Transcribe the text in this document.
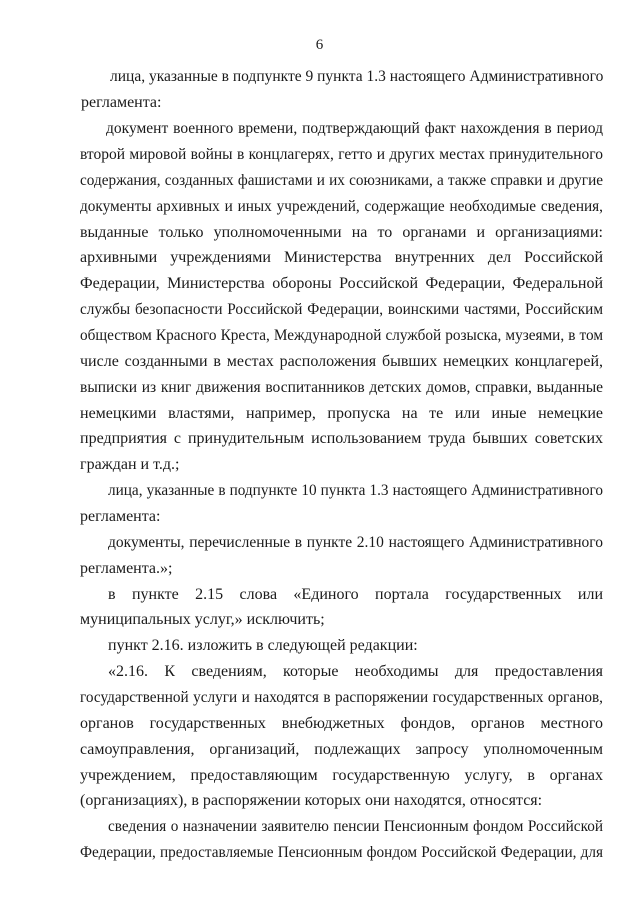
6
лица, указанные в подпункте 9 пункта 1.3 настоящего Административного
регламента:
документ военного времени, подтверждающий факт нахождения в период
второй мировой войны в концлагерях, гетто и других местах принудительного
содержания, созданных фашистами и их союзниками, а также справки и другие
документы архивных и иных учреждений, содержащие необходимые сведения,
выданные только уполномоченными на то органами и организациями:
архивными учреждениями Министерства внутренних дел Российской
Федерации, Министерства обороны Российской Федерации, Федеральной
службы безопасности Российской Федерации, воинскими частями, Российским
обществом Красного Креста, Международной службой розыска, музеями, в том
числе созданными в местах расположения бывших немецких концлагерей,
выписки из книг движения воспитанников детских домов, справки, выданные
немецкими властями, например, пропуска на те или иные немецкие
предприятия с принудительным использованием труда бывших советских
граждан и т.д.;
лица, указанные в подпункте 10 пункта 1.3 настоящего Административного
регламента:
документы, перечисленные в пункте 2.10 настоящего Административного
регламента.»;
в пункте 2.15 слова «Единого портала государственных или
муниципальных услуг,» исключить;
пункт 2.16. изложить в следующей редакции:
«2.16. К сведениям, которые необходимы для предоставления
государственной услуги и находятся в распоряжении государственных органов,
органов государственных внебюджетных фондов, органов местного
самоуправления, организаций, подлежащих запросу уполномоченным
учреждением, предоставляющим государственную услугу, в органах
(организациях), в распоряжении которых они находятся, относятся:
сведения о назначении заявителю пенсии Пенсионным фондом Российской
Федерации, предоставляемые Пенсионным фондом Российской Федерации, для
